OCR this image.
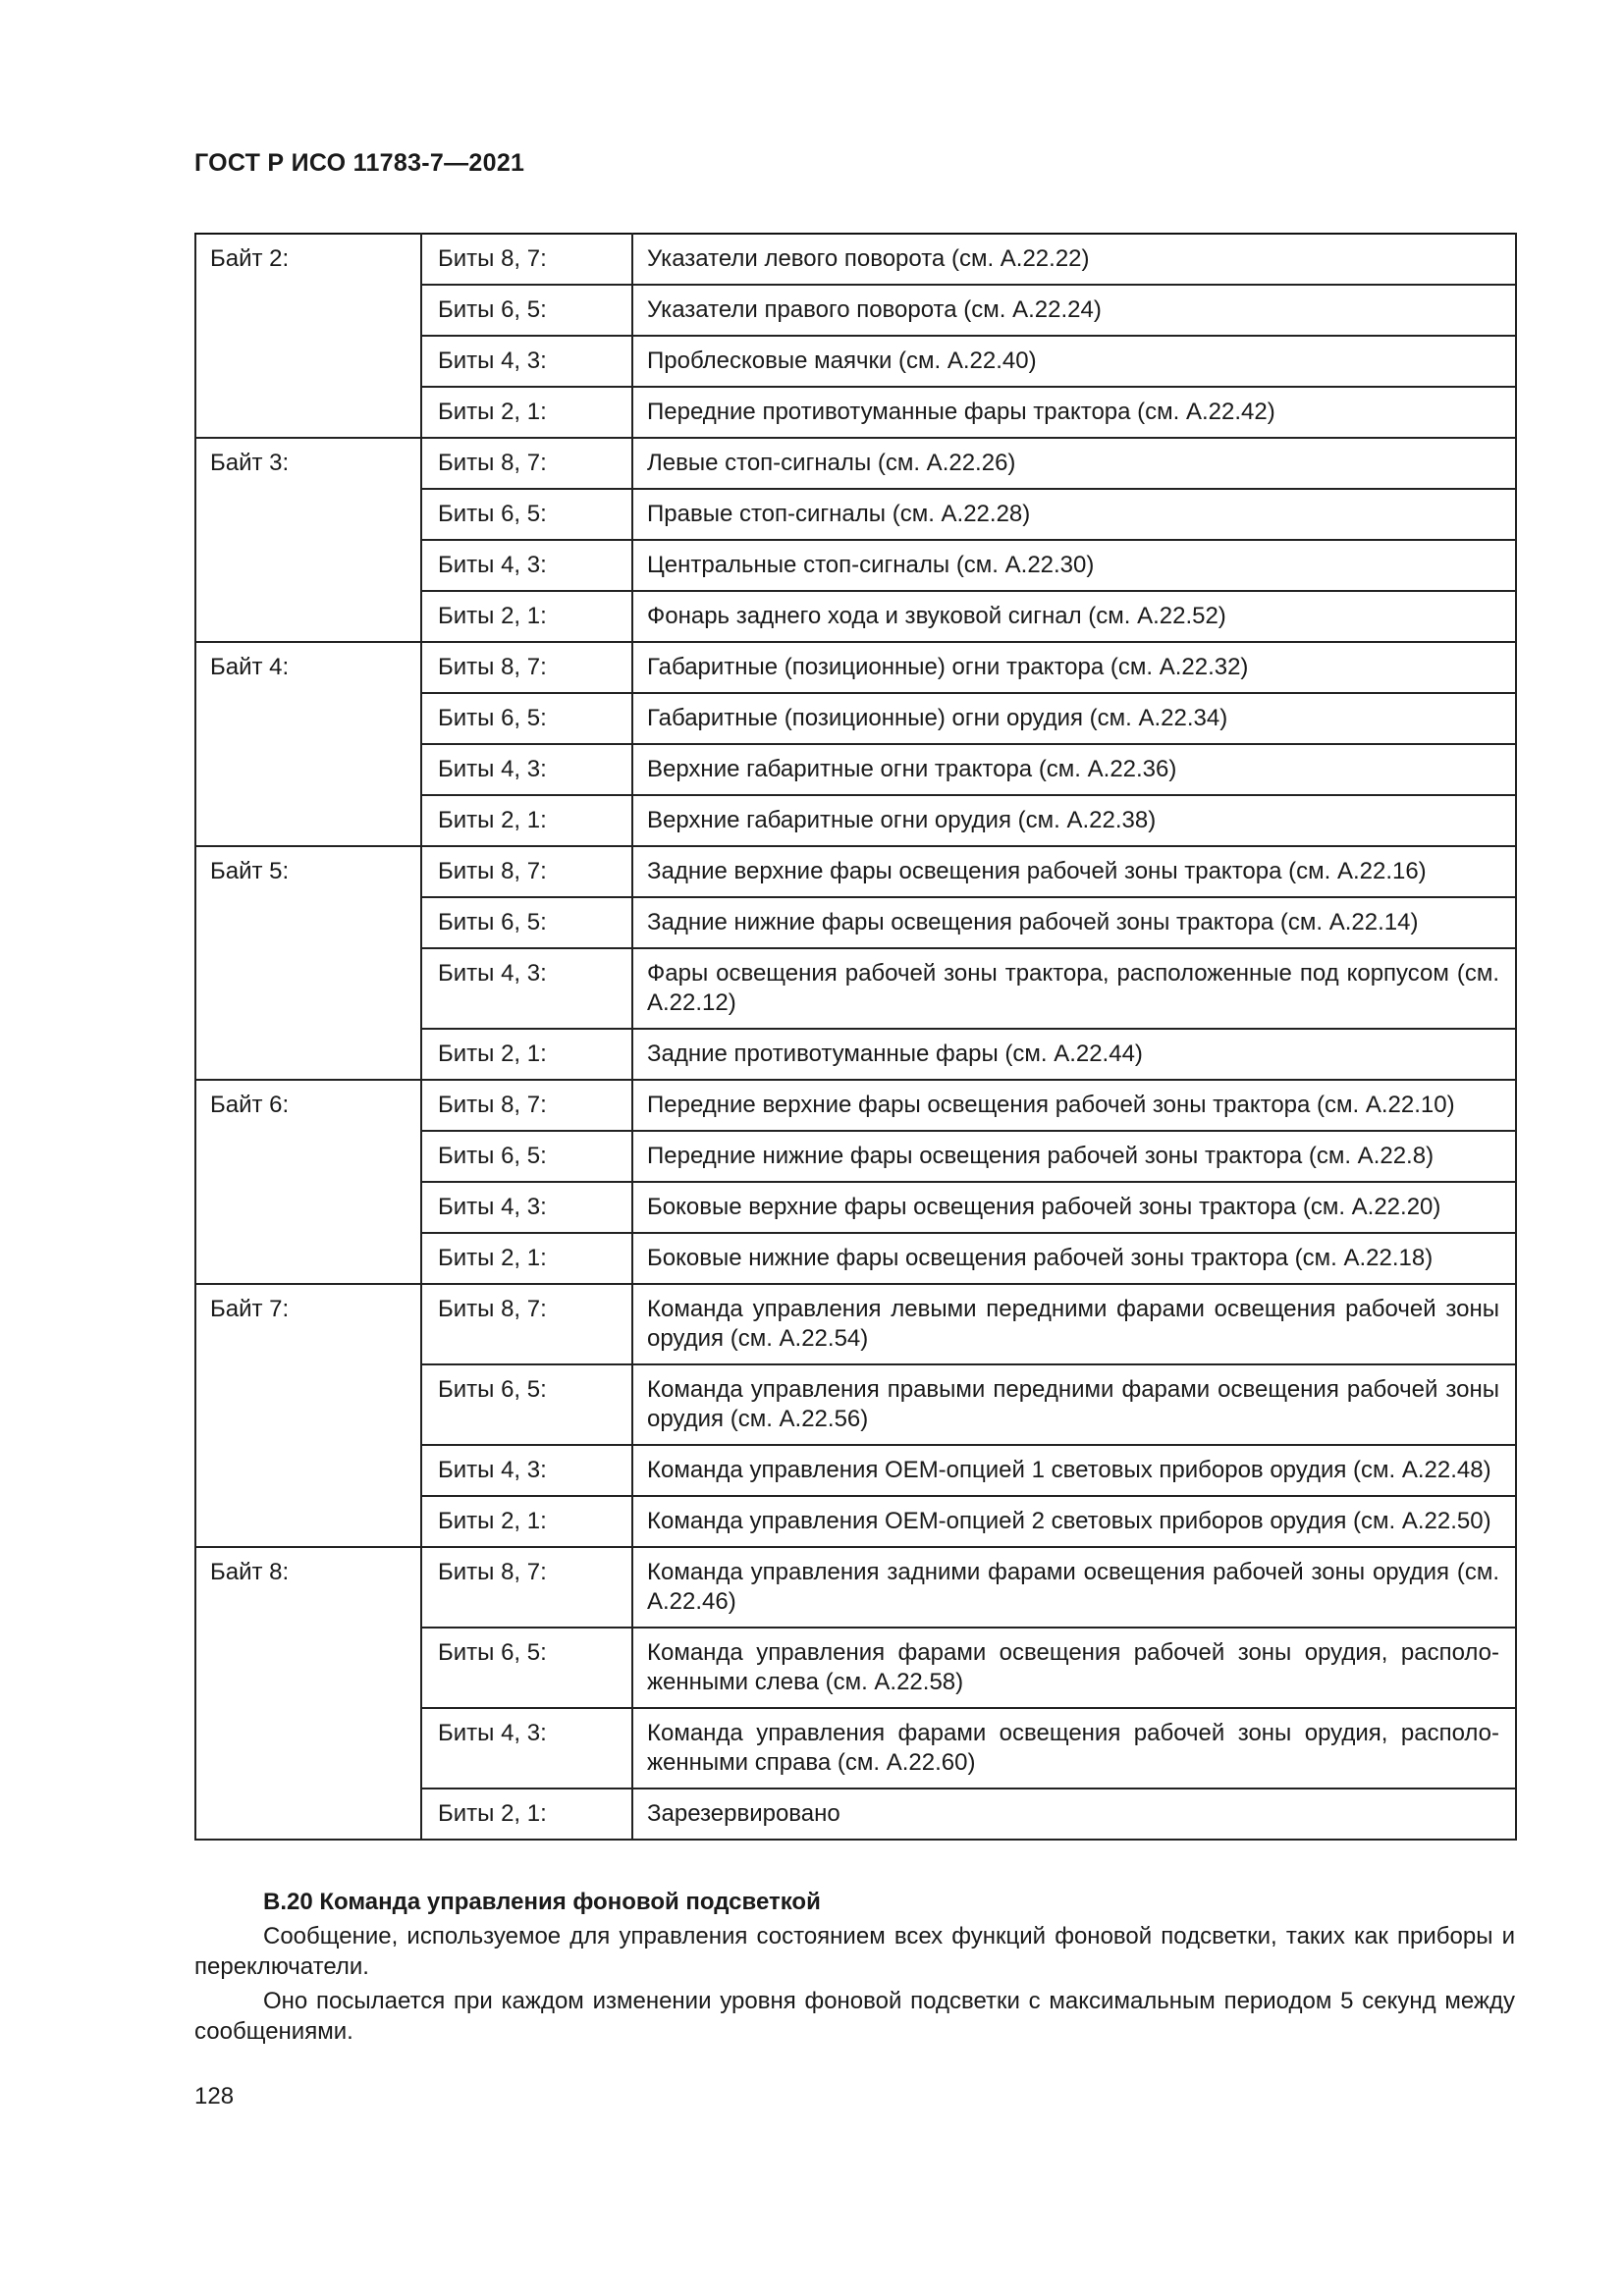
ГОСТ Р ИСО 11783-7—2021
Байт 2:	Биты 8, 7:	Указатели левого поворота (см. А.22.22)
	Биты 6, 5:	Указатели правого поворота (см. А.22.24)
	Биты 4, 3:	Проблесковые маячки (см. А.22.40)
	Биты 2, 1:	Передние противотуманные фары трактора (см. А.22.42)
Байт 3:	Биты 8, 7:	Левые стоп-сигналы (см. А.22.26)
	Биты 6, 5:	Правые стоп-сигналы (см. А.22.28)
	Биты 4, 3:	Центральные стоп-сигналы (см. А.22.30)
	Биты 2, 1:	Фонарь заднего хода и звуковой сигнал (см. А.22.52)
Байт 4:	Биты 8, 7:	Габаритные (позиционные) огни трактора (см. А.22.32)
	Биты 6, 5:	Габаритные (позиционные) огни орудия (см. А.22.34)
	Биты 4, 3:	Верхние габаритные огни трактора (см. А.22.36)
	Биты 2, 1:	Верхние габаритные огни орудия (см. А.22.38)
Байт 5:	Биты 8, 7:	Задние верхние фары освещения рабочей зоны трактора (см. А.22.16)
	Биты 6, 5:	Задние нижние фары освещения рабочей зоны трактора (см. А.22.14)
	Биты 4, 3:	Фары освещения рабочей зоны трактора, расположенные под корпусом (см. А.22.12)
	Биты 2, 1:	Задние противотуманные фары (см. А.22.44)
Байт 6:	Биты 8, 7:	Передние верхние фары освещения рабочей зоны трактора (см. А.22.10)
	Биты 6, 5:	Передние нижние фары освещения рабочей зоны трактора (см. А.22.8)
	Биты 4, 3:	Боковые верхние фары освещения рабочей зоны трактора (см. А.22.20)
	Биты 2, 1:	Боковые нижние фары освещения рабочей зоны трактора (см. А.22.18)
Байт 7:	Биты 8, 7:	Команда управления левыми передними фарами освещения рабочей зоны орудия (см. А.22.54)
	Биты 6, 5:	Команда управления правыми передними фарами освещения рабочей зоны орудия (см. А.22.56)
	Биты 4, 3:	Команда управления ОЕМ-опцией 1 световых приборов орудия (см. А.22.48)
	Биты 2, 1:	Команда управления ОЕМ-опцией 2 световых приборов орудия (см. А.22.50)
Байт 8:	Биты 8, 7:	Команда управления задними фарами освещения рабочей зоны орудия (см. А.22.46)
	Биты 6, 5:	Команда управления фарами освещения рабочей зоны орудия, располо-женными слева (см. А.22.58)
	Биты 4, 3:	Команда управления фарами освещения рабочей зоны орудия, располо-женными справа (см. А.22.60)
	Биты 2, 1:	Зарезервировано
В.20 Команда управления фоновой подсветкой
Сообщение, используемое для управления состоянием всех функций фоновой подсветки, таких как приборы и переключатели.
Оно посылается при каждом изменении уровня фоновой подсветки с максимальным периодом 5 секунд между сообщениями.
128
